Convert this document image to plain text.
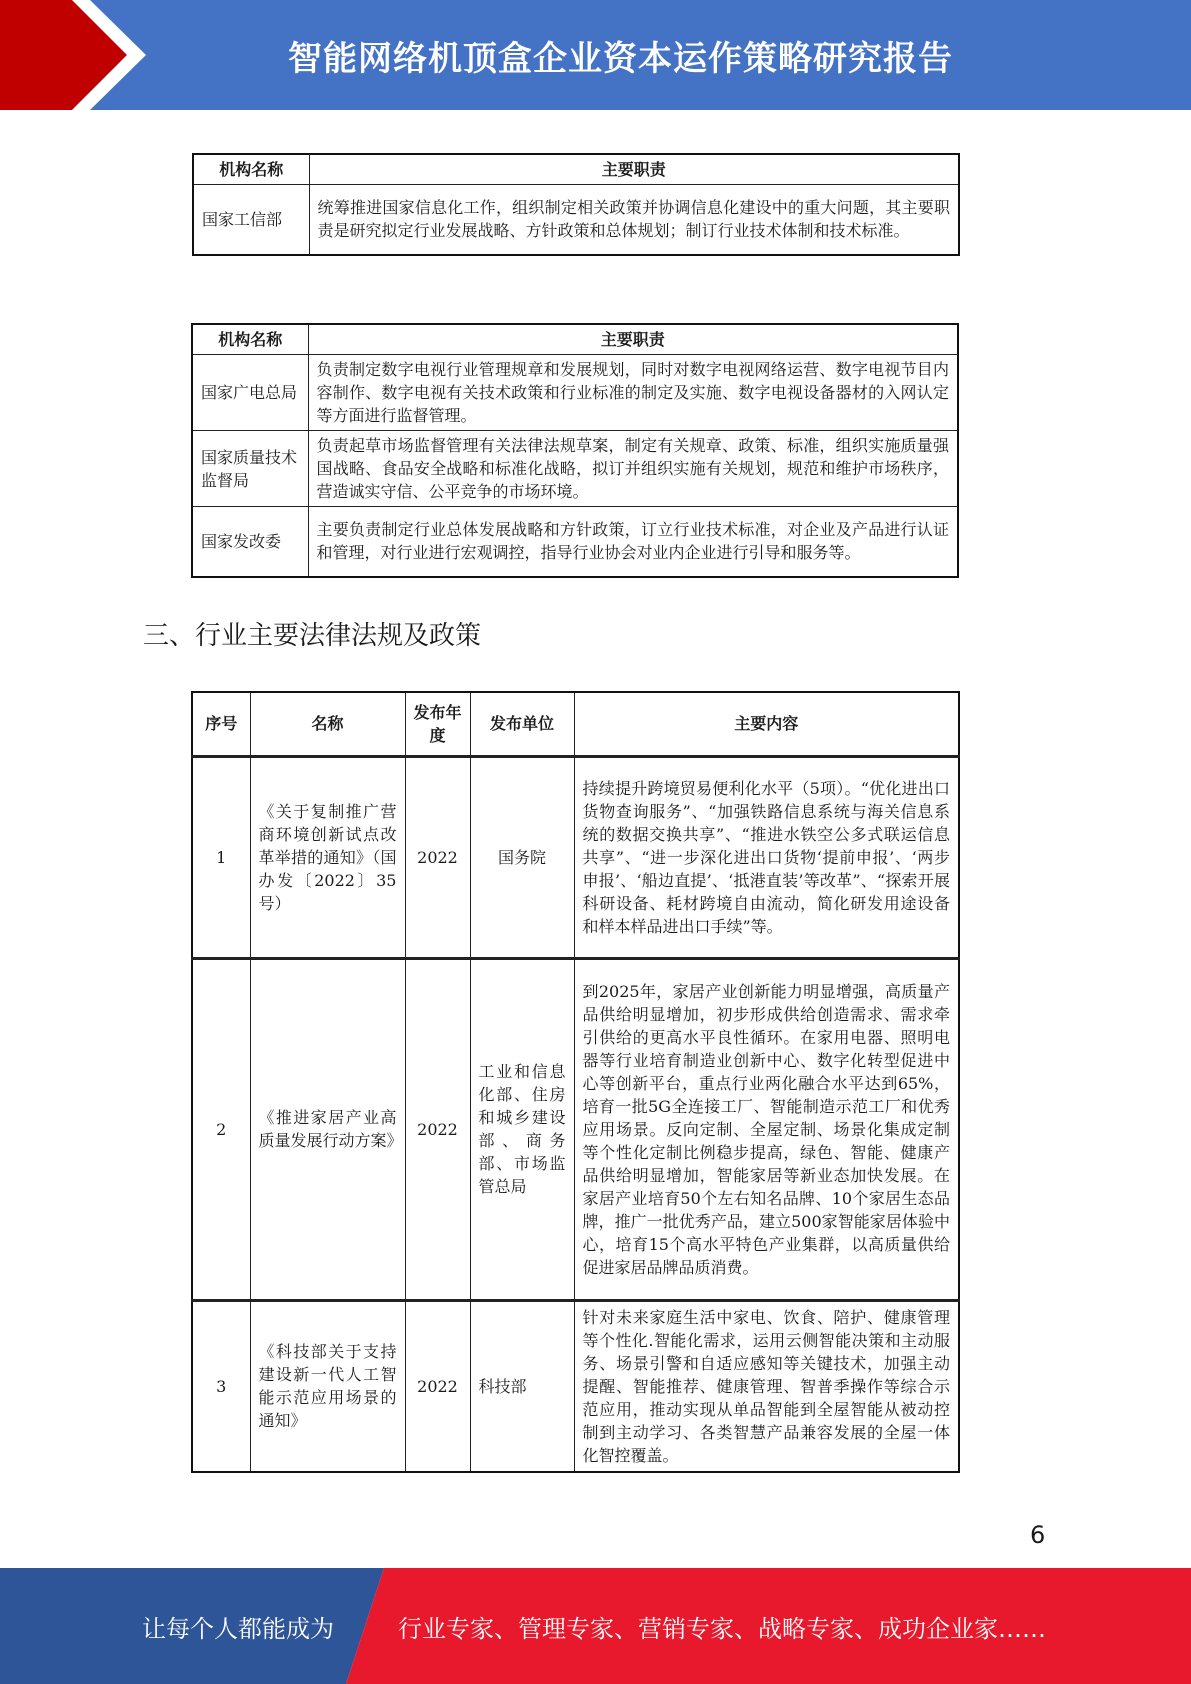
智能网络机顶盒企业资本运作策略研究报告
机构名称	主要职责
国家工信部	统筹推进国家信息化工作，组织制定相关政策并协调信息化建设中的重大问题，其主要职责是研究拟定行业发展战略、方针政策和总体规划；制订行业技术体制和技术标准。
机构名称	主要职责
国家广电总局	负责制定数字电视行业管理规章和发展规划，同时对数字电视网络运营、数字电视节目内容制作、数字电视有关技术政策和行业标准的制定及实施、数字电视设备器材的入网认定等方面进行监督管理。
国家质量技术监督局	负责起草市场监督管理有关法律法规草案，制定有关规章、政策、标准，组织实施质量强国战略、食品安全战略和标准化战略，拟订并组织实施有关规划，规范和维护市场秩序，营造诚实守信、公平竞争的市场环境。
国家发改委	主要负责制定行业总体发展战略和方针政策，订立行业技术标准，对企业及产品进行认证和管理，对行业进行宏观调控，指导行业协会对业内企业进行引导和服务等。
三、行业主要法律法规及政策
序号	名称	发布年度	发布单位	主要内容
1	《关于复制推广营商环境创新试点改革举措的通知》（国办发〔2022〕35号）	2022	国务院	持续提升跨境贸易便利化水平（5项）。“优化进出口货物查询服务”、“加强铁路信息系统与海关信息系统的数据交换共享”、“推进水铁空公多式联运信息共享”、“进一步深化进出口货物‘提前申报’、‘两步申报’、‘船边直提’、‘抵港直装’等改革”、“探索开展科研设备、耗材跨境自由流动，简化研发用途设备和样本样品进出口手续”等。
2	《推进家居产业高质量发展行动方案》	2022	工业和信息化部、住房和城乡建设部、商务部、市场监管总局	到2025年，家居产业创新能力明显增强，高质量产品供给明显增加，初步形成供给创造需求、需求牵引供给的更高水平良性循环。在家用电器、照明电器等行业培育制造业创新中心、数字化转型促进中心等创新平台，重点行业两化融合水平达到65%，培育一批5G全连接工厂、智能制造示范工厂和优秀应用场景。反向定制、全屋定制、场景化集成定制等个性化定制比例稳步提高，绿色、智能、健康产品供给明显增加，智能家居等新业态加快发展。在家居产业培育50个左右知名品牌、10个家居生态品牌，推广一批优秀产品，建立500家智能家居体验中心，培育15个高水平特色产业集群，以高质量供给促进家居品牌品质消费。
3	《科技部关于支持建设新一代人工智能示范应用场景的通知》	2022	科技部	针对未来家庭生活中家电、饮食、陪护、健康管理等个性化.智能化需求，运用云侧智能决策和主动服务、场景引警和自适应感知等关键技术，加强主动提醒、智能推荐、健康管理、智普季操作等综合示范应用，推动实现从单品智能到全屋智能从被动控制到主动学习、各类智慧产品兼容发展的全屋一体化智控覆盖。
6
让每个人都能成为	行业专家、管理专家、营销专家、战略专家、成功企业家……
